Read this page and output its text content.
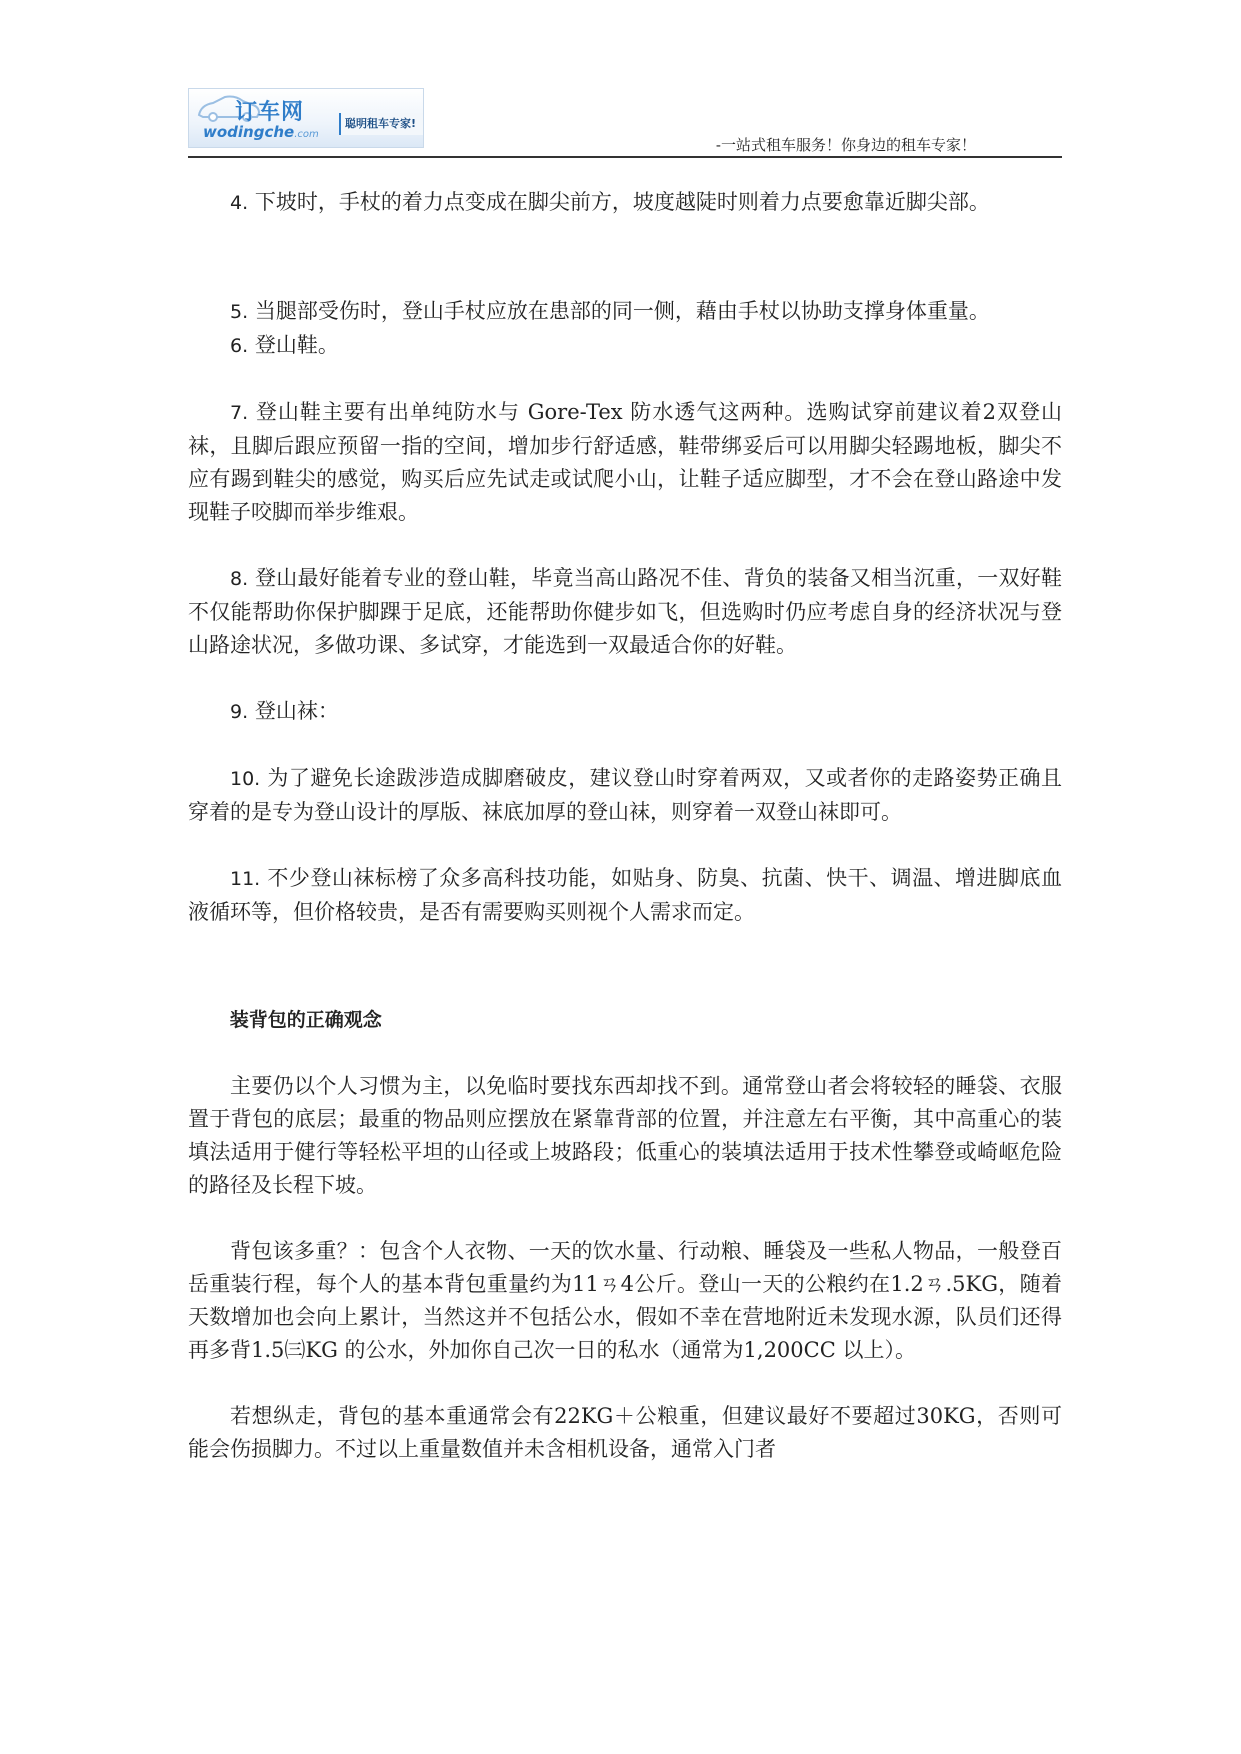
订车网
wodingche.com
聪明租车专家!
-一站式租车服务！你身边的租车专家！

4. 下坡时，手杖的着力点变成在脚尖前方，坡度越陡时则着力点要愈靠近脚尖部。

5. 当腿部受伤时，登山手杖应放在患部的同一侧，藉由手杖以协助支撑身体重量。

6. 登山鞋。

7. 登山鞋主要有出单纯防水与 Gore-Tex 防水透气这两种。选购试穿前建议着2双登山袜，且脚后跟应预留一指的空间，增加步行舒适感，鞋带绑妥后可以用脚尖轻踢地板，脚尖不应有踢到鞋尖的感觉，购买后应先试走或试爬小山，让鞋子适应脚型，才不会在登山路途中发现鞋子咬脚而举步维艰。

8. 登山最好能着专业的登山鞋，毕竟当高山路况不佳、背负的装备又相当沉重，一双好鞋不仅能帮助你保护脚踝于足底，还能帮助你健步如飞，但选购时仍应考虑自身的经济状况与登山路途状况，多做功课、多试穿，才能选到一双最适合你的好鞋。

9. 登山袜：

10. 为了避免长途跋涉造成脚磨破皮，建议登山时穿着两双，又或者你的走路姿势正确且穿着的是专为登山设计的厚版、袜底加厚的登山袜，则穿着一双登山袜即可。

11. 不少登山袜标榜了众多高科技功能，如贴身、防臭、抗菌、快干、调温、增进脚底血液循环等，但价格较贵，是否有需要购买则视个人需求而定。

装背包的正确观念

主要仍以个人习惯为主，以免临时要找东西却找不到。通常登山者会将较轻的睡袋、衣服置于背包的底层；最重的物品则应摆放在紧靠背部的位置，并注意左右平衡，其中高重心的装填法适用于健行等轻松平坦的山径或上坡路段；低重心的装填法适用于技术性攀登或崎岖危险的路径及长程下坡。

背包该多重？：包含个人衣物、一天的饮水量、行动粮、睡袋及一些私人物品，一般登百岳重装行程，每个人的基本背包重量约为11ㄢ4公斤。登山一天的公粮约在1.2ㄢ.5KG，随着天数增加也会向上累计，当然这并不包括公水，假如不幸在营地附近未发现水源，队员们还得再多背1.5㈢KG 的公水，外加你自己次一日的私水（通常为1,200CC 以上）。

若想纵走，背包的基本重通常会有22KG＋公粮重，但建议最好不要超过30KG，否则可能会伤损脚力。不过以上重量数值并未含相机设备，通常入门者
